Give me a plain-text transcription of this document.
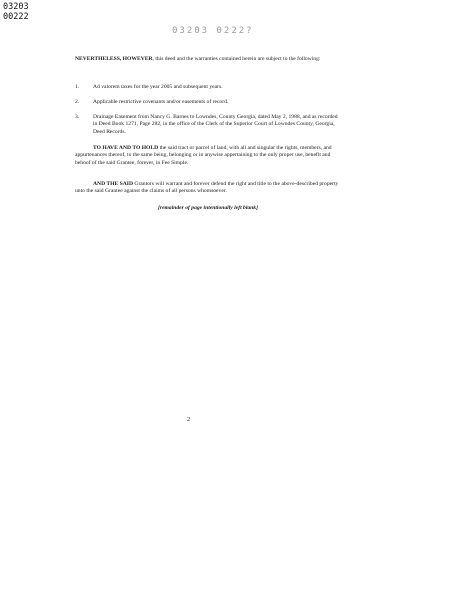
03203
00222
03203 0222?
NEVERTHELESS, HOWEVER, this deed and the warranties contained herein are subject to the following:
1. Ad valorem taxes for the year 2005 and subsequent years.
2. Applicable restrictive covenants and/or easements of record.
3. Drainage Easement from Nancy G. Barnes to Lowndes, County Georgia, dated May 2, 1988, and as recorded in Deed Book 1271, Page 282, in the office of the Clerk of the Superior Court of Lowndes County, Georgia, Deed Records.
TO HAVE AND TO HOLD the said tract or parcel of land, with all and singular the rights, members, and appurtenances thereof, to the same being, belonging or in anywise appertaining to the only proper use, benefit and behoof of the said Grantee, forever, in Fee Simple.
AND THE SAID Grantors will warrant and forever defend the right and title to the above-described property unto the said Grantee against the claims of all persons whomsoever.
[remainder of page intentionally left blank]
2
